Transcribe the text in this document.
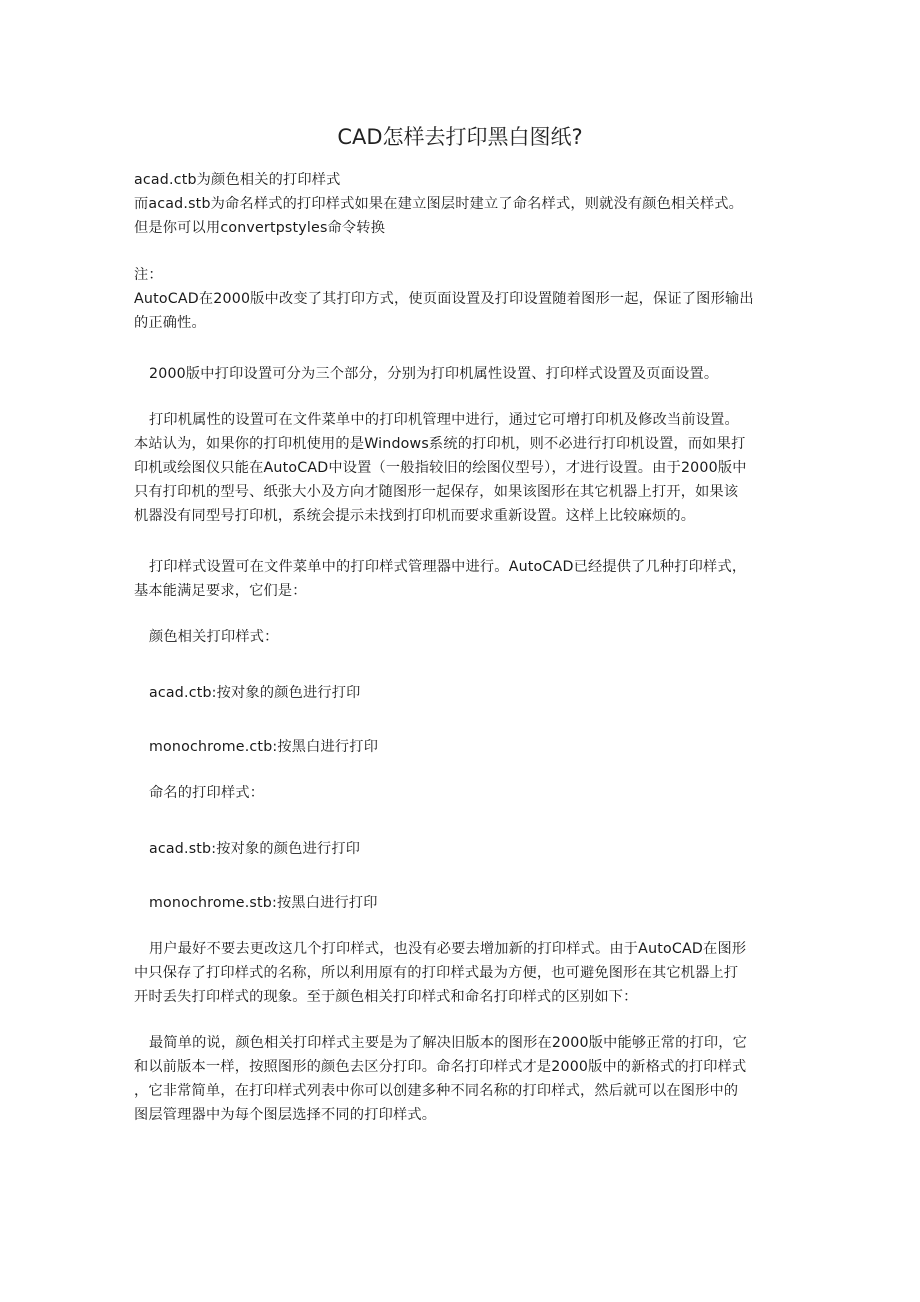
CAD怎样去打印黑白图纸?

acad.ctb为颜色相关的打印样式
而acad.stb为命名样式的打印样式如果在建立图层时建立了命名样式，则就没有颜色相关样式。
但是你可以用convertpstyles命令转换

注：
AutoCAD在2000版中改变了其打印方式，使页面设置及打印设置随着图形一起，保证了图形输出
的正确性。

2000版中打印设置可分为三个部分，分别为打印机属性设置、打印样式设置及页面设置。

打印机属性的设置可在文件菜单中的打印机管理中进行，通过它可增打印机及修改当前设置。
本站认为，如果你的打印机使用的是Windows系统的打印机，则不必进行打印机设置，而如果打
印机或绘图仪只能在AutoCAD中设置（一般指较旧的绘图仪型号），才进行设置。由于2000版中
只有打印机的型号、纸张大小及方向才随图形一起保存，如果该图形在其它机器上打开，如果该
机器没有同型号打印机，系统会提示未找到打印机而要求重新设置。这样上比较麻烦的。

打印样式设置可在文件菜单中的打印样式管理器中进行。AutoCAD已经提供了几种打印样式，
基本能满足要求，它们是：

颜色相关打印样式：

acad.ctb:按对象的颜色进行打印

monochrome.ctb:按黑白进行打印

命名的打印样式：

acad.stb:按对象的颜色进行打印

monochrome.stb:按黑白进行打印

用户最好不要去更改这几个打印样式，也没有必要去增加新的打印样式。由于AutoCAD在图形
中只保存了打印样式的名称，所以利用原有的打印样式最为方便，也可避免图形在其它机器上打
开时丢失打印样式的现象。至于颜色相关打印样式和命名打印样式的区别如下：

最简单的说，颜色相关打印样式主要是为了解决旧版本的图形在2000版中能够正常的打印，它
和以前版本一样，按照图形的颜色去区分打印。命名打印样式才是2000版中的新格式的打印样式
，它非常简单，在打印样式列表中你可以创建多种不同名称的打印样式，然后就可以在图形中的
图层管理器中为每个图层选择不同的打印样式。
